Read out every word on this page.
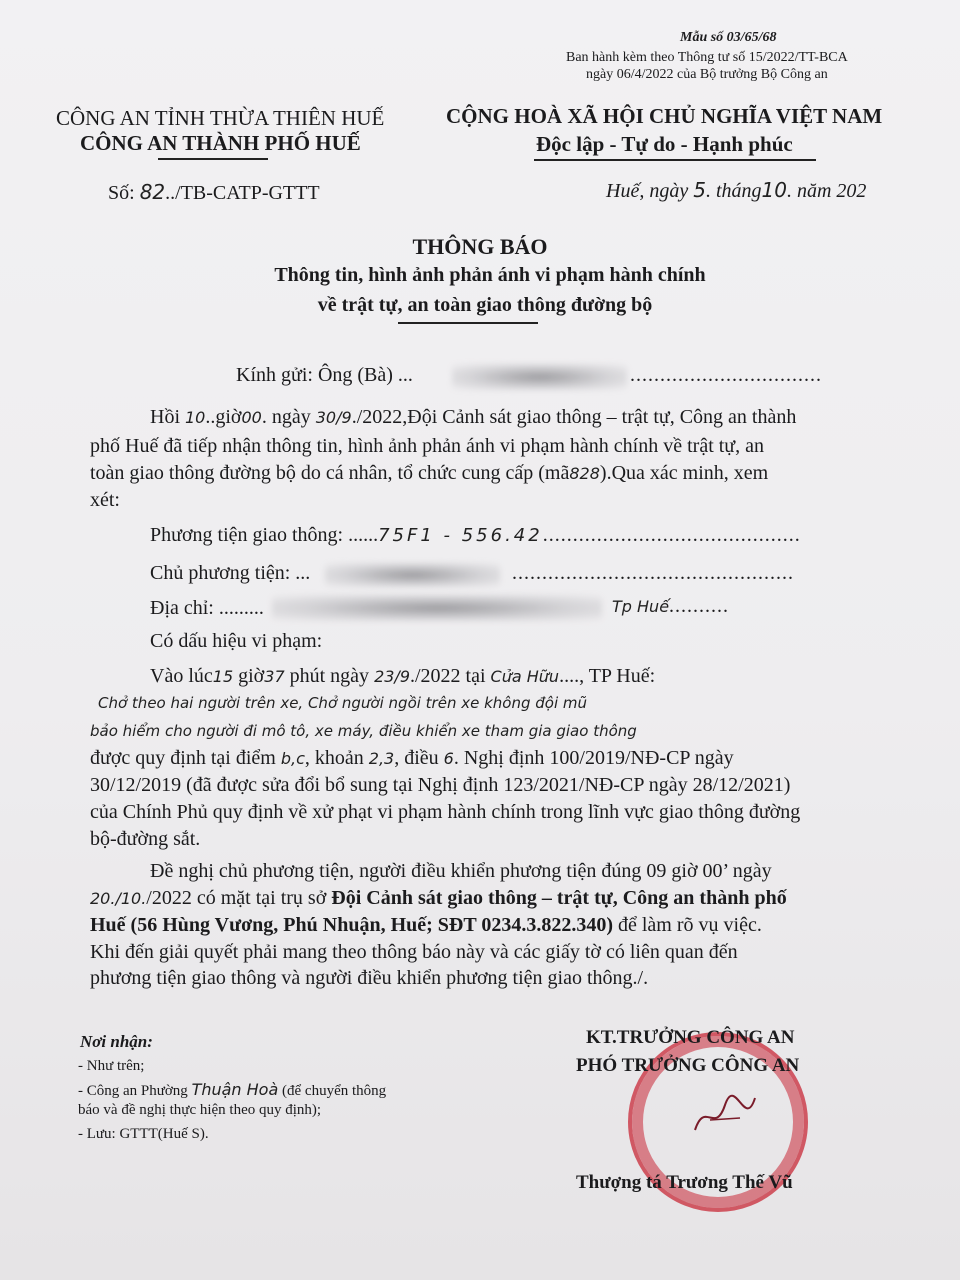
Mẫu số 03/65/68
Ban hành kèm theo Thông tư số 15/2022/TT-BCA
ngày 06/4/2022 của Bộ trưởng Bộ Công an
CÔNG AN TỈNH THỪA THIÊN HUẾ
CÔNG AN THÀNH PHỐ HUẾ
CỘNG HOÀ XÃ HỘI CHỦ NGHĨA VIỆT NAM
Độc lập - Tự do - Hạnh phúc
Số: 82../TB-CATP-GTTT	Huế, ngày 5. tháng10. năm 202
THÔNG BÁO
Thông tin, hình ảnh phản ánh vi phạm hành chính
về trật tự, an toàn giao thông đường bộ
Kính gửi: Ông (Bà) ...	................................
Hồi 10..giờ00. ngày 30/9./2022,Đội Cảnh sát giao thông – trật tự, Công an thành
phố Huế đã tiếp nhận thông tin, hình ảnh phản ánh vi phạm hành chính về trật tự, an
toàn giao thông đường bộ do cá nhân, tổ chức cung cấp (mã828).Qua xác minh, xem
xét:
Phương tiện giao thông: ......75F1 - 556.42...........................................
Chủ phương tiện: ...	...............................................
Địa chỉ: .........	Tp Huế..........
Có dấu hiệu vi phạm:
Vào lúc15 giờ37 phút ngày 23/9./2022 tại Cửa Hữu...., TP Huế:
Chở theo hai người trên xe, Chở người ngồi trên xe không đội mũ
bảo hiểm cho người đi mô tô, xe máy, điều khiển xe tham gia giao thông
được quy định tại điểm b,c, khoản 2,3, điều 6. Nghị định 100/2019/NĐ-CP ngày
30/12/2019 (đã được sửa đổi bổ sung tại Nghị định 123/2021/NĐ-CP ngày 28/12/2021)
của Chính Phủ quy định về xử phạt vi phạm hành chính trong lĩnh vực giao thông đường
bộ-đường sắt.
Đề nghị chủ phương tiện, người điều khiển phương tiện đúng 09 giờ 00’ ngày
20./10./2022 có mặt tại trụ sở Đội Cảnh sát giao thông – trật tự, Công an thành phố
Huế (56 Hùng Vương, Phú Nhuận, Huế; SĐT 0234.3.822.340) để làm rõ vụ việc.
Khi đến giải quyết phải mang theo thông báo này và các giấy tờ có liên quan đến
phương tiện giao thông và người điều khiển phương tiện giao thông./.
Nơi nhận:
- Như trên;
- Công an Phường Thuận Hoà (để chuyển thông
báo và đề nghị thực hiện theo quy định);
- Lưu: GTTT(Huế S).
KT.TRƯỞNG CÔNG AN
PHÓ TRƯỞNG CÔNG AN
Thượng tá Trương Thế Vũ
